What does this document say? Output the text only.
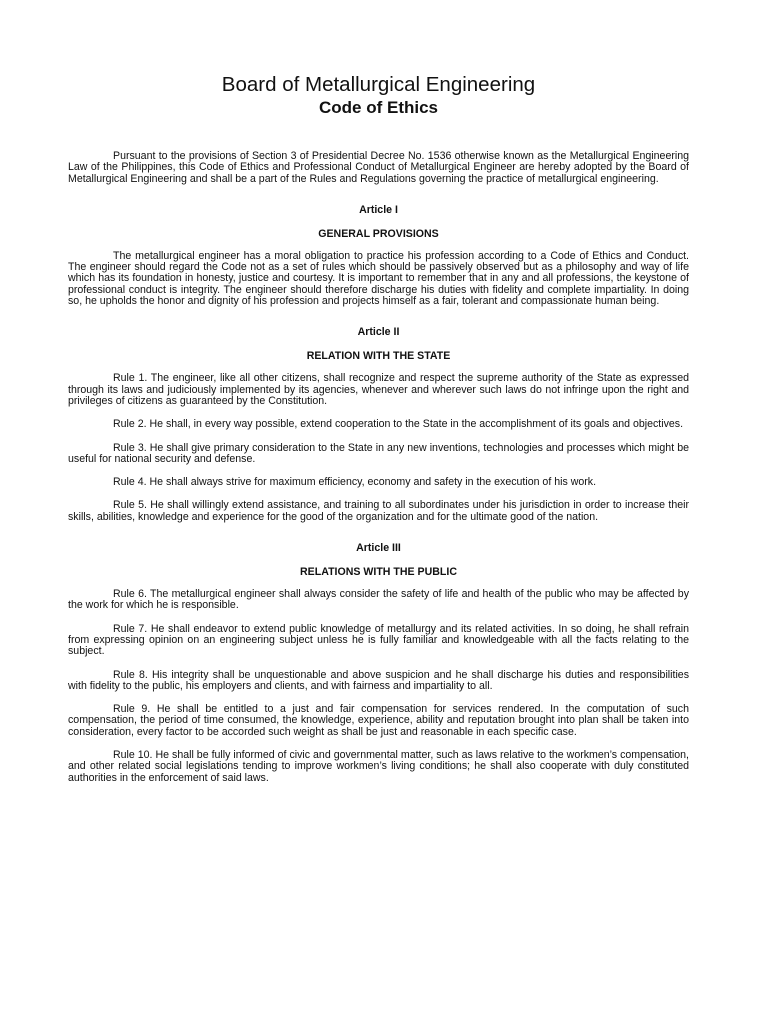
Board of Metallurgical Engineering
Code of Ethics

Pursuant to the provisions of Section 3 of Presidential Decree No. 1536 otherwise known as the Metallurgical Engineering Law of the Philippines, this Code of Ethics and Professional Conduct of Metallurgical Engineer are hereby adopted by the Board of Metallurgical Engineering and shall be a part of the Rules and Regulations governing the practice of metallurgical engineering.

Article I

GENERAL PROVISIONS

The metallurgical engineer has a moral obligation to practice his profession according to a Code of Ethics and Conduct. The engineer should regard the Code not as a set of rules which should be passively observed but as a philosophy and way of life which has its foundation in honesty, justice and courtesy. It is important to remember that in any and all professions, the keystone of professional conduct is integrity. The engineer should therefore discharge his duties with fidelity and complete impartiality. In doing so, he upholds the honor and dignity of his profession and projects himself as a fair, tolerant and compassionate human being.

Article II

RELATION WITH THE STATE

Rule 1. The engineer, like all other citizens, shall recognize and respect the supreme authority of the State as expressed through its laws and judiciously implemented by its agencies, whenever and wherever such laws do not infringe upon the right and privileges of citizens as guaranteed by the Constitution.

Rule 2. He shall, in every way possible, extend cooperation to the State in the accomplishment of its goals and objectives.

Rule 3. He shall give primary consideration to the State in any new inventions, technologies and processes which might be useful for national security and defense.

Rule 4. He shall always strive for maximum efficiency, economy and safety in the execution of his work.

Rule 5. He shall willingly extend assistance, and training to all subordinates under his jurisdiction in order to increase their skills, abilities, knowledge and experience for the good of the organization and for the ultimate good of the nation.

Article III

RELATIONS WITH THE PUBLIC

Rule 6. The metallurgical engineer shall always consider the safety of life and health of the public who may be affected by the work for which he is responsible.

Rule 7. He shall endeavor to extend public knowledge of metallurgy and its related activities. In so doing, he shall refrain from expressing opinion on an engineering subject unless he is fully familiar and knowledgeable with all the facts relating to the subject.

Rule 8. His integrity shall be unquestionable and above suspicion and he shall discharge his duties and responsibilities with fidelity to the public, his employers and clients, and with fairness and impartiality to all.

Rule 9. He shall be entitled to a just and fair compensation for services rendered. In the computation of such compensation, the period of time consumed, the knowledge, experience, ability and reputation brought into plan shall be taken into consideration, every factor to be accorded such weight as shall be just and reasonable in each specific case.

Rule 10. He shall be fully informed of civic and governmental matter, such as laws relative to the workmen’s compensation, and other related social legislations tending to improve workmen’s living conditions; he shall also cooperate with duly constituted authorities in the enforcement of said laws.
